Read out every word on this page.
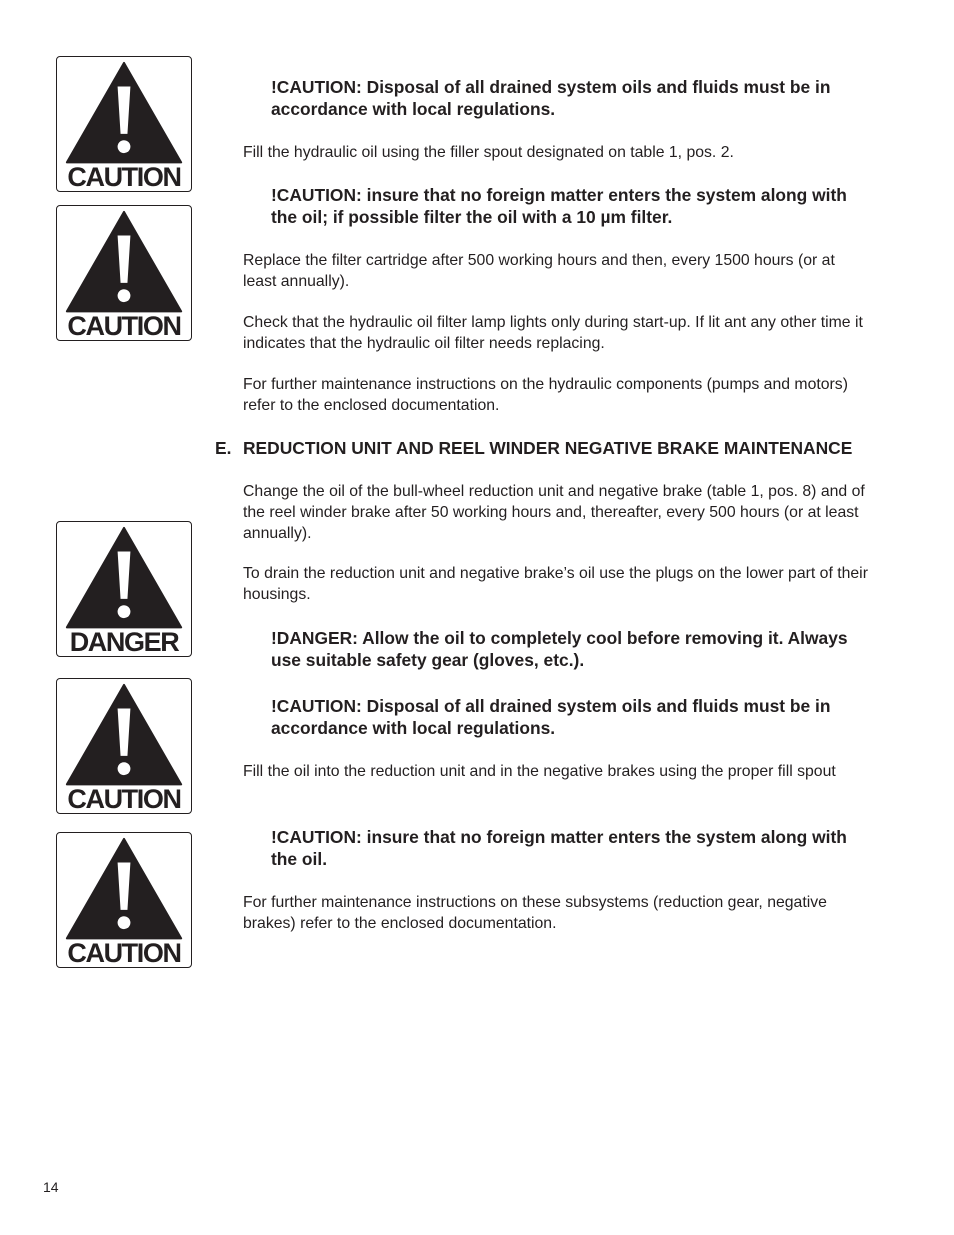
CAUTION
CAUTION
DANGER
CAUTION
CAUTION

!CAUTION: Disposal of all drained system oils and fluids must be in accordance with local regulations.

Fill the hydraulic oil using the filler spout designated on table 1, pos. 2.

!CAUTION: insure that no foreign matter enters the system along with the oil; if possible filter the oil with a 10 µm filter.

Replace the filter cartridge after 500 working hours and then, every 1500 hours (or at least annually).

Check that the hydraulic oil filter lamp lights only during start-up. If lit ant any other time it indicates that the hydraulic oil filter needs replacing.

For further maintenance instructions on the hydraulic components (pumps and motors) refer to the enclosed documentation.

E. REDUCTION UNIT AND REEL WINDER NEGATIVE BRAKE MAINTENANCE

Change the oil of the bull-wheel reduction unit and negative brake (table 1, pos. 8) and of the reel winder brake after 50 working hours and, thereafter, every 500 hours (or at least annually).

To drain the reduction unit and negative brake’s oil use the plugs on the lower part of their housings.

!DANGER: Allow the oil to completely cool before removing it. Always use suitable safety gear (gloves, etc.).

!CAUTION: Disposal of all drained system oils and fluids must be in accordance with local regulations.

Fill the oil into the reduction unit and in the negative brakes using the proper fill spout

!CAUTION: insure that no foreign matter enters the system along with the oil.

For further maintenance instructions on these subsystems (reduction gear, negative brakes) refer to the enclosed documentation.

14
